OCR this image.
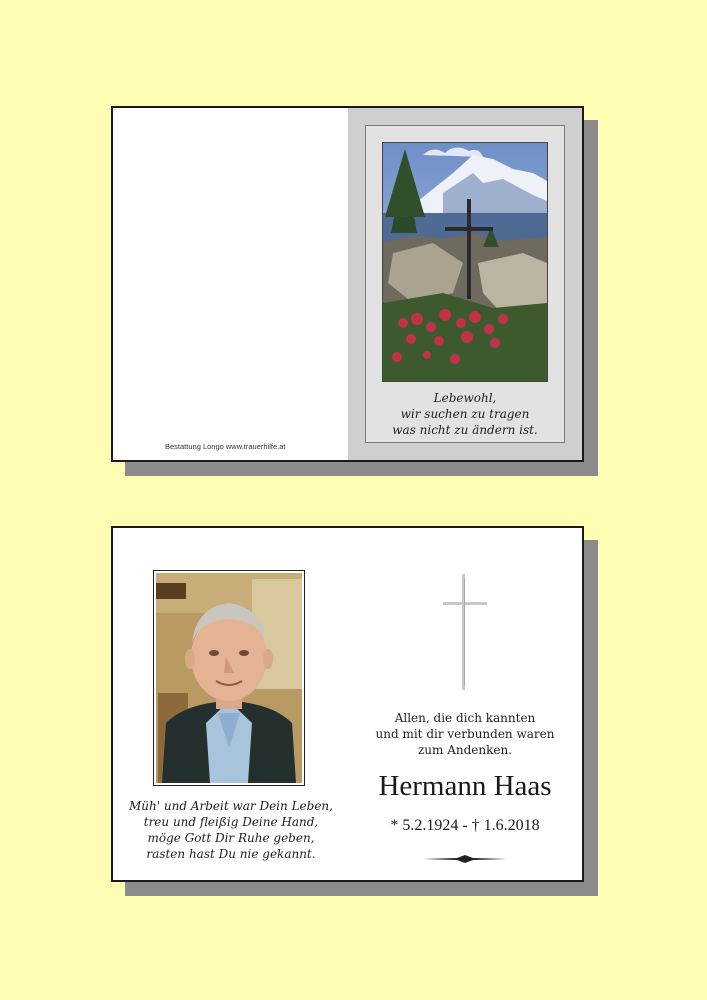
Bestattung Longo www.trauerhilfe.at
Lebewohl,
wir suchen zu tragen
was nicht zu ändern ist.
Müh' und Arbeit war Dein Leben,
treu und fleißig Deine Hand,
möge Gott Dir Ruhe geben,
rasten hast Du nie gekannt.
Allen, die dich kannten
und mit dir verbunden waren
zum Andenken.
Hermann Haas
* 5.2.1924 - † 1.6.2018
